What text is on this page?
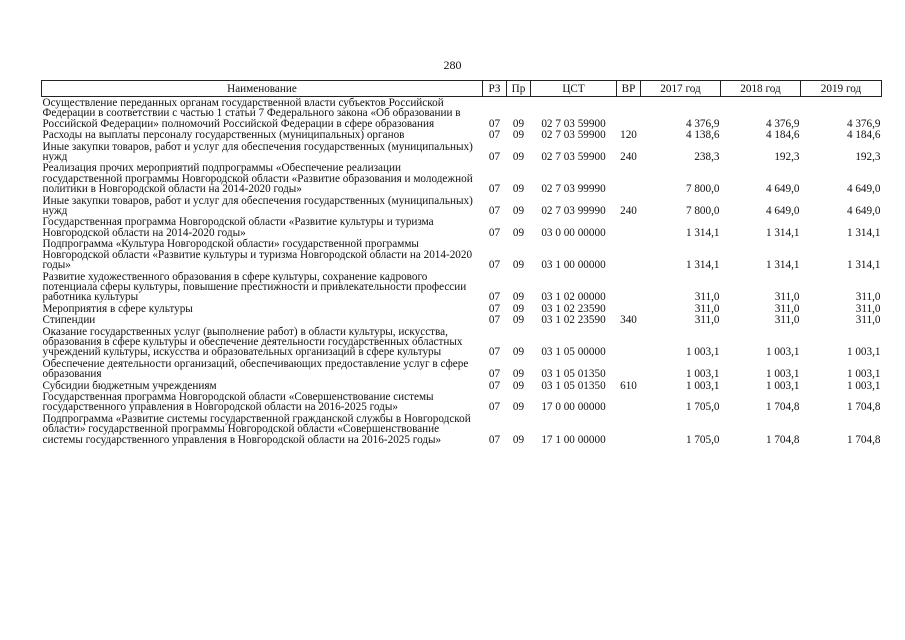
280
Наименование	РЗ	Пр	ЦСТ	ВР	2017 год	2018 год	2019 год
Осуществление переданных органам государственной власти субъектов Российской Федерации в соответствии с частью 1 статьи 7 Федерального закона «Об образовании в Российской Федерации» полномочий Российской Федерации в сфере образования	07	09	02 7 03 59900		4 376,9	4 376,9	4 376,9
Расходы на выплаты персоналу государственных (муниципальных) органов	07	09	02 7 03 59900	120	4 138,6	4 184,6	4 184,6
Иные закупки товаров, работ и услуг для обеспечения государственных (муниципальных) нужд	07	09	02 7 03 59900	240	238,3	192,3	192,3
Реализация прочих мероприятий подпрограммы «Обеспечение реализации государственной программы Новгородской области «Развитие образования и молодежной политики в Новгородской области на 2014-2020 годы»	07	09	02 7 03 99990		7 800,0	4 649,0	4 649,0
Иные закупки товаров, работ и услуг для обеспечения государственных (муниципальных) нужд	07	09	02 7 03 99990	240	7 800,0	4 649,0	4 649,0
Государственная программа Новгородской области «Развитие культуры и туризма Новгородской области на 2014-2020 годы»	07	09	03 0 00 00000		1 314,1	1 314,1	1 314,1
Подпрограмма «Культура Новгородской области» государственной программы Новгородской области «Развитие культуры и туризма Новгородской области на 2014-2020 годы»	07	09	03 1 00 00000		1 314,1	1 314,1	1 314,1
Развитие художественного образования в сфере культуры, сохранение кадрового потенциала сферы культуры, повышение престижности и привлекательности профессии работника культуры	07	09	03 1 02 00000		311,0	311,0	311,0
Мероприятия в сфере культуры	07	09	03 1 02 23590		311,0	311,0	311,0
Стипендии	07	09	03 1 02 23590	340	311,0	311,0	311,0
Оказание государственных услуг (выполнение работ) в области культуры, искусства, образования в сфере культуры и обеспечение деятельности государственных областных учреждений культуры, искусства и образовательных организаций в сфере культуры	07	09	03 1 05 00000		1 003,1	1 003,1	1 003,1
Обеспечение деятельности организаций, обеспечивающих предоставление услуг в сфере образования	07	09	03 1 05 01350		1 003,1	1 003,1	1 003,1
Субсидии бюджетным учреждениям	07	09	03 1 05 01350	610	1 003,1	1 003,1	1 003,1
Государственная программа Новгородской области «Совершенствование системы государственного управления в Новгородской области на 2016-2025 годы»	07	09	17 0 00 00000		1 705,0	1 704,8	1 704,8
Подпрограмма «Развитие системы государственной гражданской службы в Новгородской области» государственной программы Новгородской области «Совершенствование системы государственного управления в Новгородской области на 2016-2025 годы»	07	09	17 1 00 00000		1 705,0	1 704,8	1 704,8
